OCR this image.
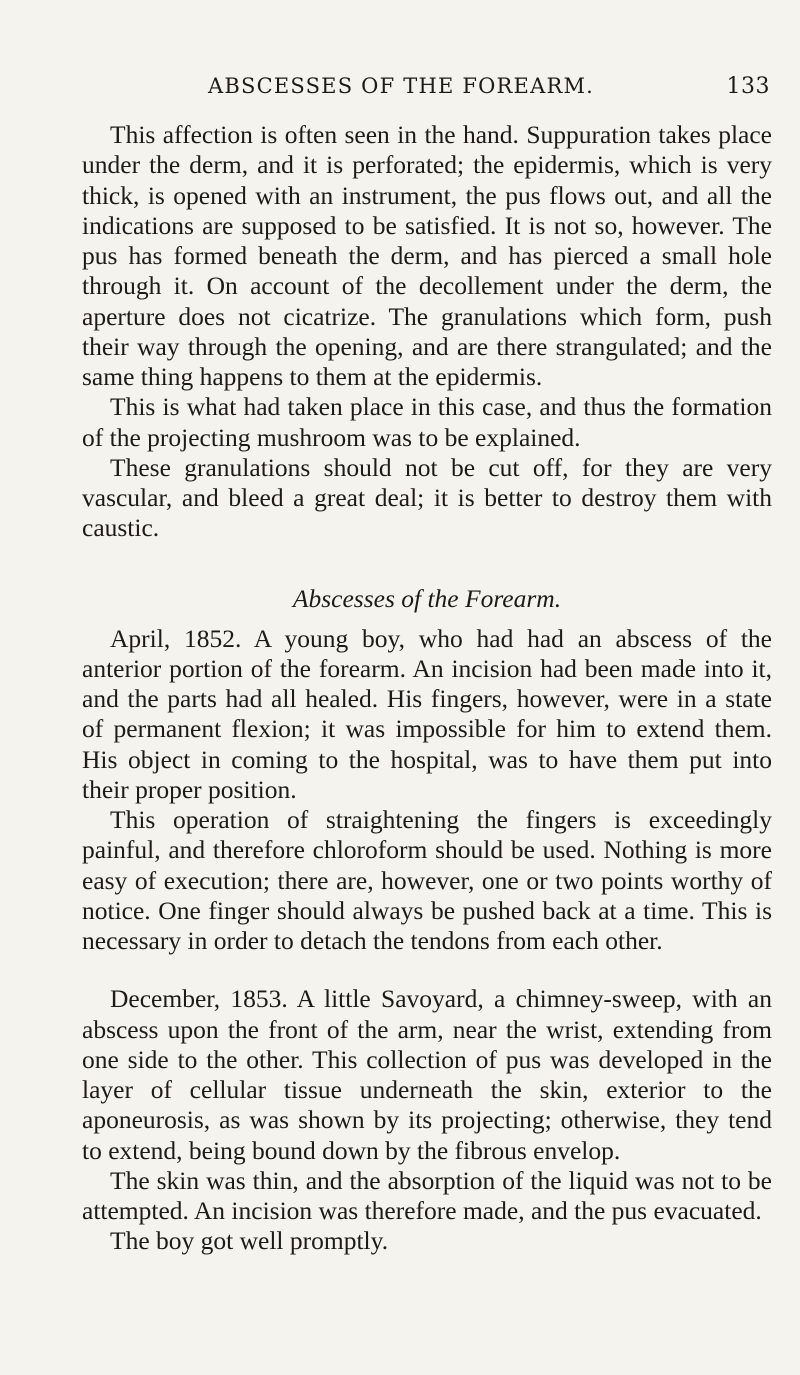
ABSCESSES OF THE FOREARM.	133

This affection is often seen in the hand. Suppuration takes place under the derm, and it is perforated; the epidermis, which is very thick, is opened with an instrument, the pus flows out, and all the indications are supposed to be satisfied. It is not so, however. The pus has formed beneath the derm, and has pierced a small hole through it. On account of the decollement under the derm, the aperture does not cicatrize. The granulations which form, push their way through the opening, and are there strangulated; and the same thing happens to them at the epidermis.

This is what had taken place in this case, and thus the formation of the projecting mushroom was to be explained.

These granulations should not be cut off, for they are very vascular, and bleed a great deal; it is better to destroy them with caustic.

Abscesses of the Forearm.

April, 1852. A young boy, who had had an abscess of the anterior portion of the forearm. An incision had been made into it, and the parts had all healed. His fingers, however, were in a state of permanent flexion; it was impossible for him to extend them. His object in coming to the hospital, was to have them put into their proper position.

This operation of straightening the fingers is exceedingly painful, and therefore chloroform should be used. Nothing is more easy of execution; there are, however, one or two points worthy of notice. One finger should always be pushed back at a time. This is necessary in order to detach the tendons from each other.

December, 1853. A little Savoyard, a chimney-sweep, with an abscess upon the front of the arm, near the wrist, extending from one side to the other. This collection of pus was developed in the layer of cellular tissue underneath the skin, exterior to the aponeurosis, as was shown by its projecting; otherwise, they tend to extend, being bound down by the fibrous envelop.

The skin was thin, and the absorption of the liquid was not to be attempted. An incision was therefore made, and the pus evacuated.

The boy got well promptly.
